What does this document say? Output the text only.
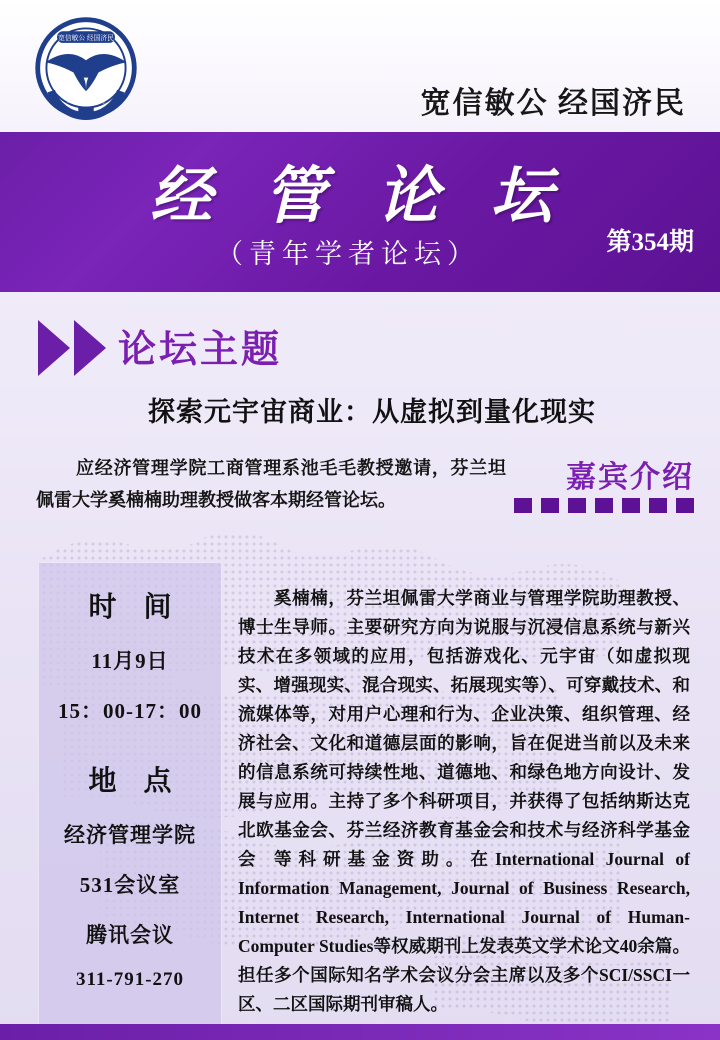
宽信敏公 经国济民
经济管理学院	宽信敏公 经国济民
经 管 论 坛
（青年学者论坛）	第354期
论坛主题
探索元宇宙商业：从虚拟到量化现实
应经济管理学院工商管理系池毛毛教授邀请，芬兰坦佩雷大学奚楠楠助理教授做客本期经管论坛。
嘉宾介绍
时 间
11月9日
15：00-17：00
地 点
经济管理学院
531会议室
腾讯会议
311-791-270
奚楠楠，芬兰坦佩雷大学商业与管理学院助理教授、博士生导师。主要研究方向为说服与沉浸信息系统与新兴技术在多领域的应用，包括游戏化、元宇宙（如虚拟现实、增强现实、混合现实、拓展现实等）、可穿戴技术、和流媒体等，对用户心理和行为、企业决策、组织管理、经济社会、文化和道德层面的影响，旨在促进当前以及未来的信息系统可持续性地、道德地、和绿色地方向设计、发展与应用。主持了多个科研项目，并获得了包括纳斯达克北欧基金会、芬兰经济教育基金会和技术与经济科学基金会 等科研基金资助。在International Journal of Information Management, Journal of Business Research, Internet Research, International Journal of Human-Computer Studies等权威期刊上发表英文学术论文40余篇。担任多个国际知名学术会议分会主席以及多个SCI/SSCI一区、二区国际期刊审稿人。
